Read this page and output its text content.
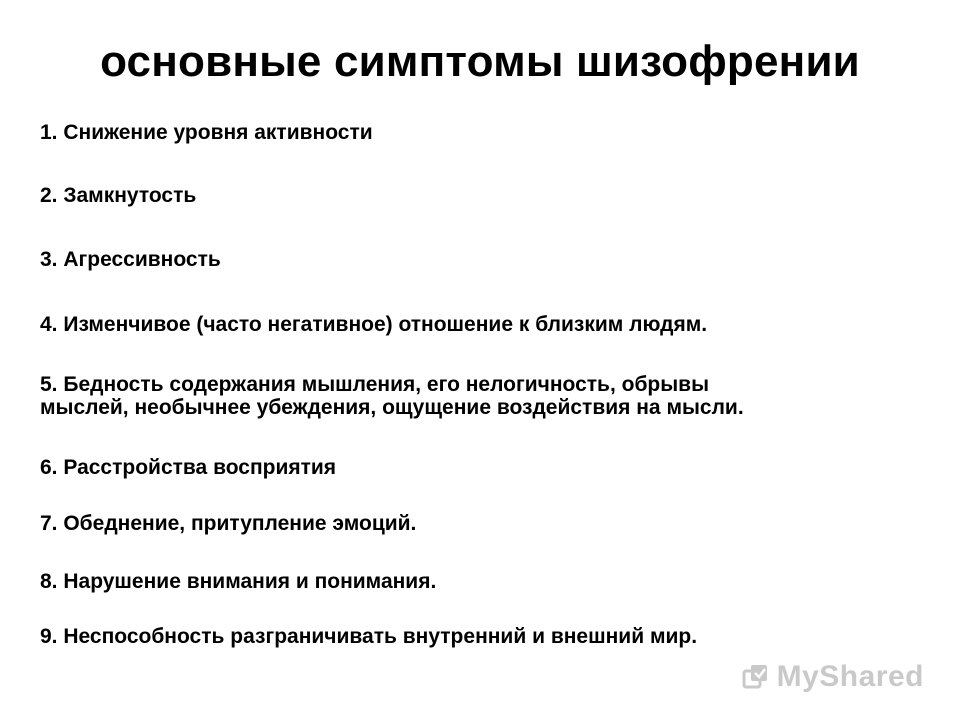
основные симптомы шизофрении
1. Снижение уровня активности
2. Замкнутость
3. Агрессивность
4. Изменчивое (часто негативное) отношение к близким людям.
5. Бедность содержания мышления, его нелогичность, обрывы
мыслей, необычнее убеждения, ощущение воздействия на мысли.
6. Расстройства восприятия
7. Обеднение, притупление эмоций.
8. Нарушение внимания и понимания.
9. Неспособность разграничивать внутренний и внешний мир.
MyShared
